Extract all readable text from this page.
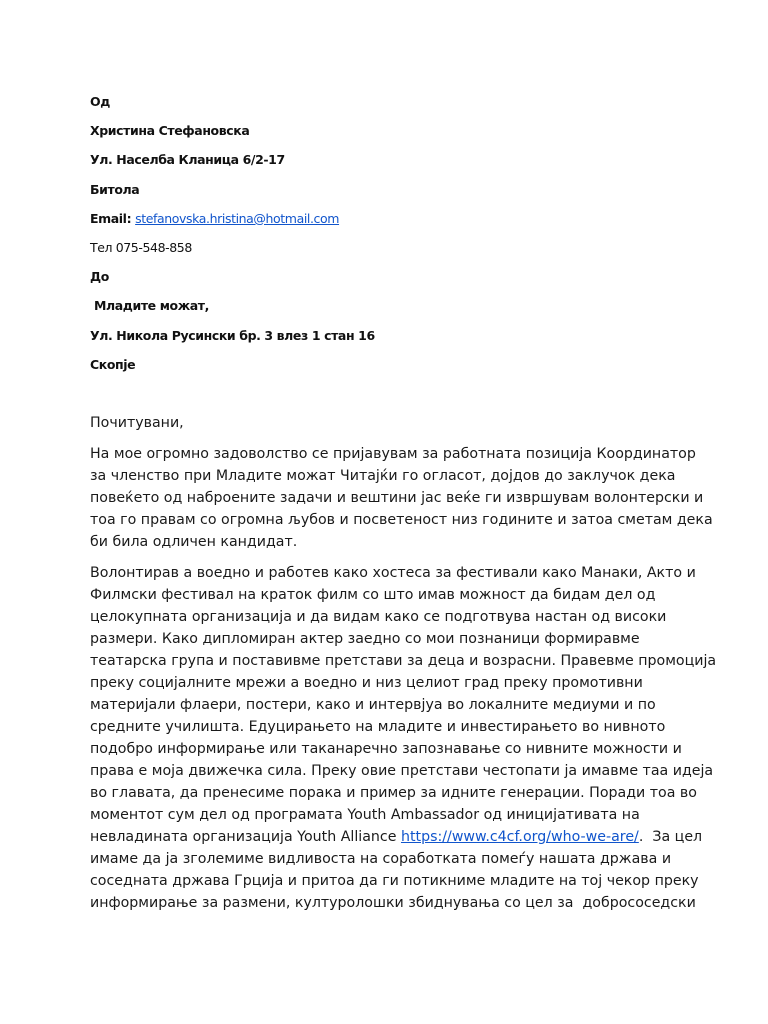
Од
Христина Стефановска
Ул. Населба Кланица 6/2-17
Битола
Email: stefanovska.hristina@hotmail.com
Тел 075-548-858
До
Младите можат,
Ул. Никола Русински бр. 3 влез 1 стан 16
Скопје

Почитувани,

На мое огромно задоволство се пријавувам за работната позиција Координатор
за членство при Младите можат Читајќи го огласот, дојдов до заклучок дека
повеќето од наброените задачи и вештини јас веќе ги извршувам волонтерски и
тоа го правам со огромна љубов и посветеност низ годините и затоа сметам дека
би била одличен кандидат.

Волонтирав а воедно и работев како хостеса за фестивали како Манаки, Акто и
Филмски фестивал на краток филм со што имав можност да бидам дел од
целокупната организација и да видам како се подготвува настан од високи
размери. Како дипломиран актер заедно со мои познаници формиравме
театарска група и поставивме претстави за деца и возрасни. Правевме промоција
преку социјалните мрежи а воедно и низ целиот град преку промотивни
материјали флаери, постери, како и интервјуа во локалните медиуми и по
средните училишта. Едуцирањето на младите и инвестирањето во нивното
подобро информирање или таканаречно запознавање со нивните можности и
права е моја движечка сила. Преку овие претстави честопати ја имавме таа идеја
во главата, да пренесиме порака и пример за идните генерации. Поради тоа во
моментот сум дел од програмата Youth Ambassador од иницијативата на
невладината организација Youth Alliance https://www.c4cf.org/who-we-are/.  За цел
имаме да ја зголемиме видливоста на соработката помеѓу нашата држава и
соседната држава Грција и притоа да ги потикниме младите на тој чекор преку
информирање за размени, културолошки збиднувања со цел за  добрососедски
